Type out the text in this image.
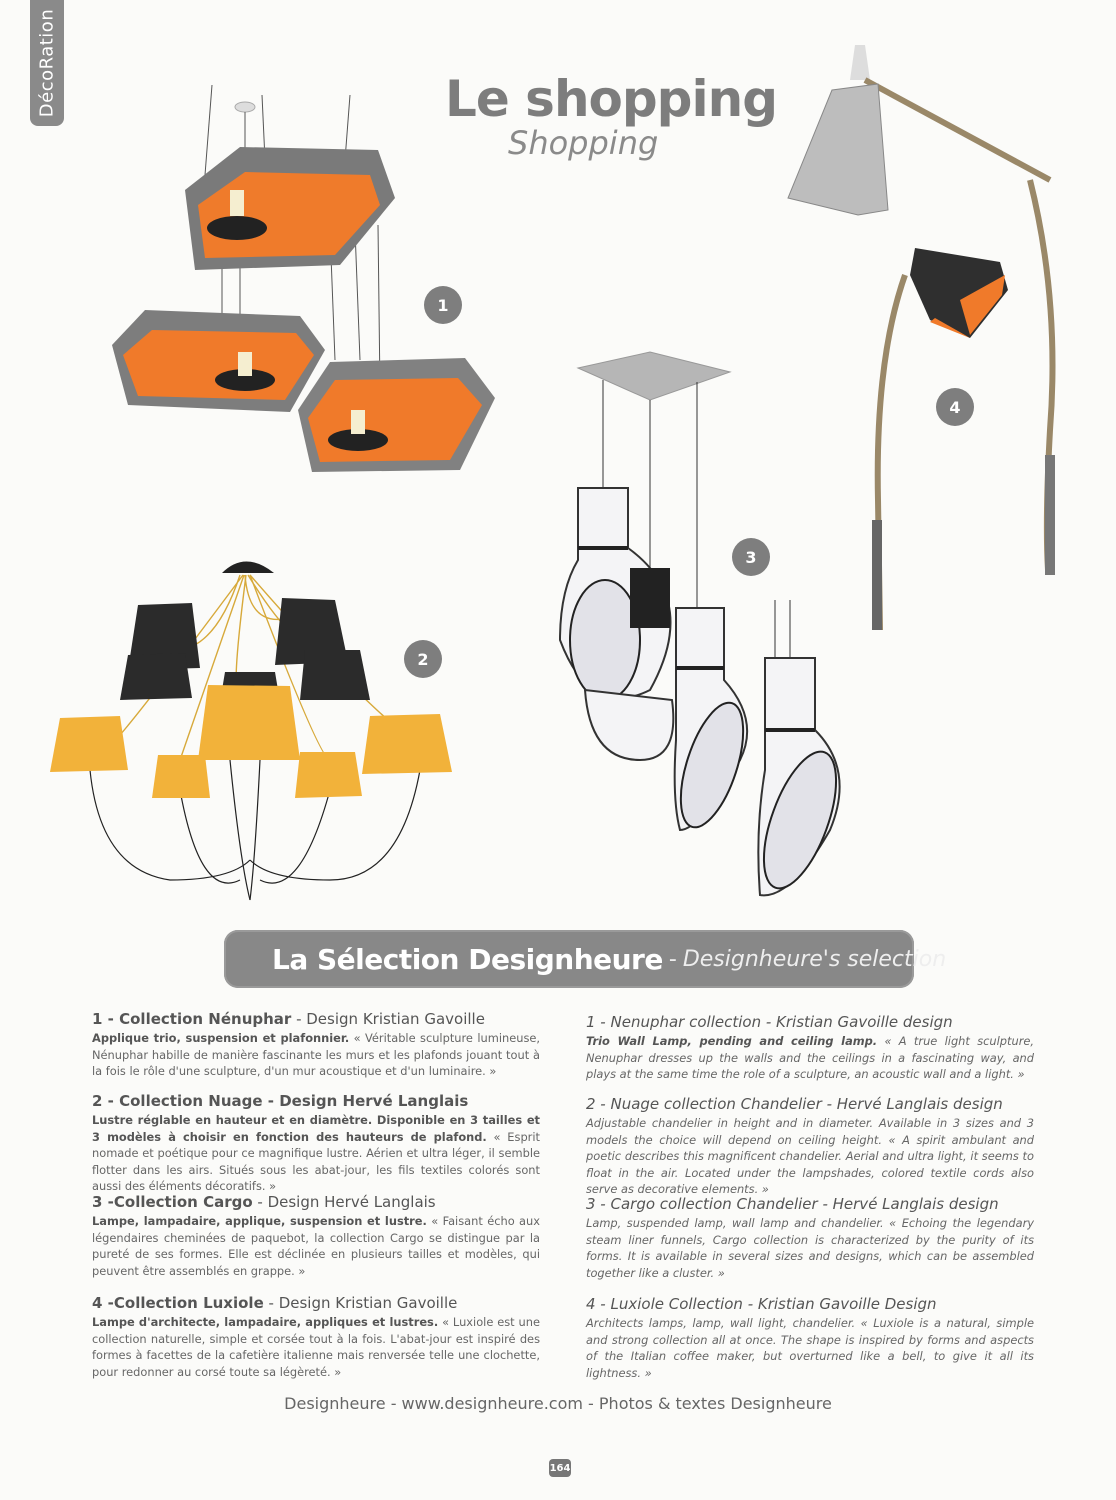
DécoRation	Le shopping
Shopping
1
2
3
4
La Sélection Designheure - Designheure's selection

1 - Collection Nénuphar - Design Kristian Gavoille

Applique trio, suspension et plafonnier. « Véritable sculpture lumineuse, Nénuphar habille de manière fascinante les murs et les plafonds jouant tout à la fois le rôle d'une sculpture, d'un mur acoustique et d'un luminaire. »

2 - Collection Nuage - Design Hervé Langlais

Lustre réglable en hauteur et en diamètre. Disponible en 3 tailles et 3 modèles à choisir en fonction des hauteurs de plafond. « Esprit nomade et poétique pour ce magnifique lustre. Aérien et ultra léger, il semble flotter dans les airs. Situés sous les abat-jour, les fils textiles colorés sont aussi des éléments décoratifs. »

3 -Collection Cargo - Design Hervé Langlais

Lampe, lampadaire, applique, suspension et lustre. « Faisant écho aux légendaires cheminées de paquebot, la collection Cargo se distingue par la pureté de ses formes. Elle est déclinée en plusieurs tailles et modèles, qui peuvent être assemblés en grappe. »

4 -Collection Luxiole - Design Kristian Gavoille

Lampe d'architecte, lampadaire, appliques et lustres. « Luxiole est une collection naturelle, simple et corsée tout à la fois. L'abat-jour est inspiré des formes à facettes de la cafetière italienne mais renversée telle une clochette, pour redonner au corsé toute sa légèreté. »

1 - Nenuphar collection - Kristian Gavoille design

Trio Wall Lamp, pending and ceiling lamp. « A true light sculpture, Nenuphar dresses up the walls and the ceilings in a fascinating way, and plays at the same time the role of a sculpture, an acoustic wall and a light. »

2 - Nuage collection Chandelier - Hervé Langlais design

Adjustable chandelier in height and in diameter. Available in 3 sizes and 3 models the choice will depend on ceiling height. « A spirit ambulant and poetic describes this magnificent chandelier. Aerial and ultra light, it seems to float in the air. Located under the lampshades, colored textile cords also serve as decorative elements. »

3 - Cargo collection Chandelier - Hervé Langlais design

Lamp, suspended lamp, wall lamp and chandelier. « Echoing the legendary steam liner funnels, Cargo collection is characterized by the purity of its forms. It is available in several sizes and designs, which can be assembled together like a cluster. »

4 - Luxiole Collection - Kristian Gavoille Design

Architects lamps, lamp, wall light, chandelier. « Luxiole is a natural, simple and strong collection all at once. The shape is inspired by forms and aspects of the Italian coffee maker, but overturned like a bell, to give it all its lightness. »

Designheure - www.designheure.com - Photos & textes Designheure
164
